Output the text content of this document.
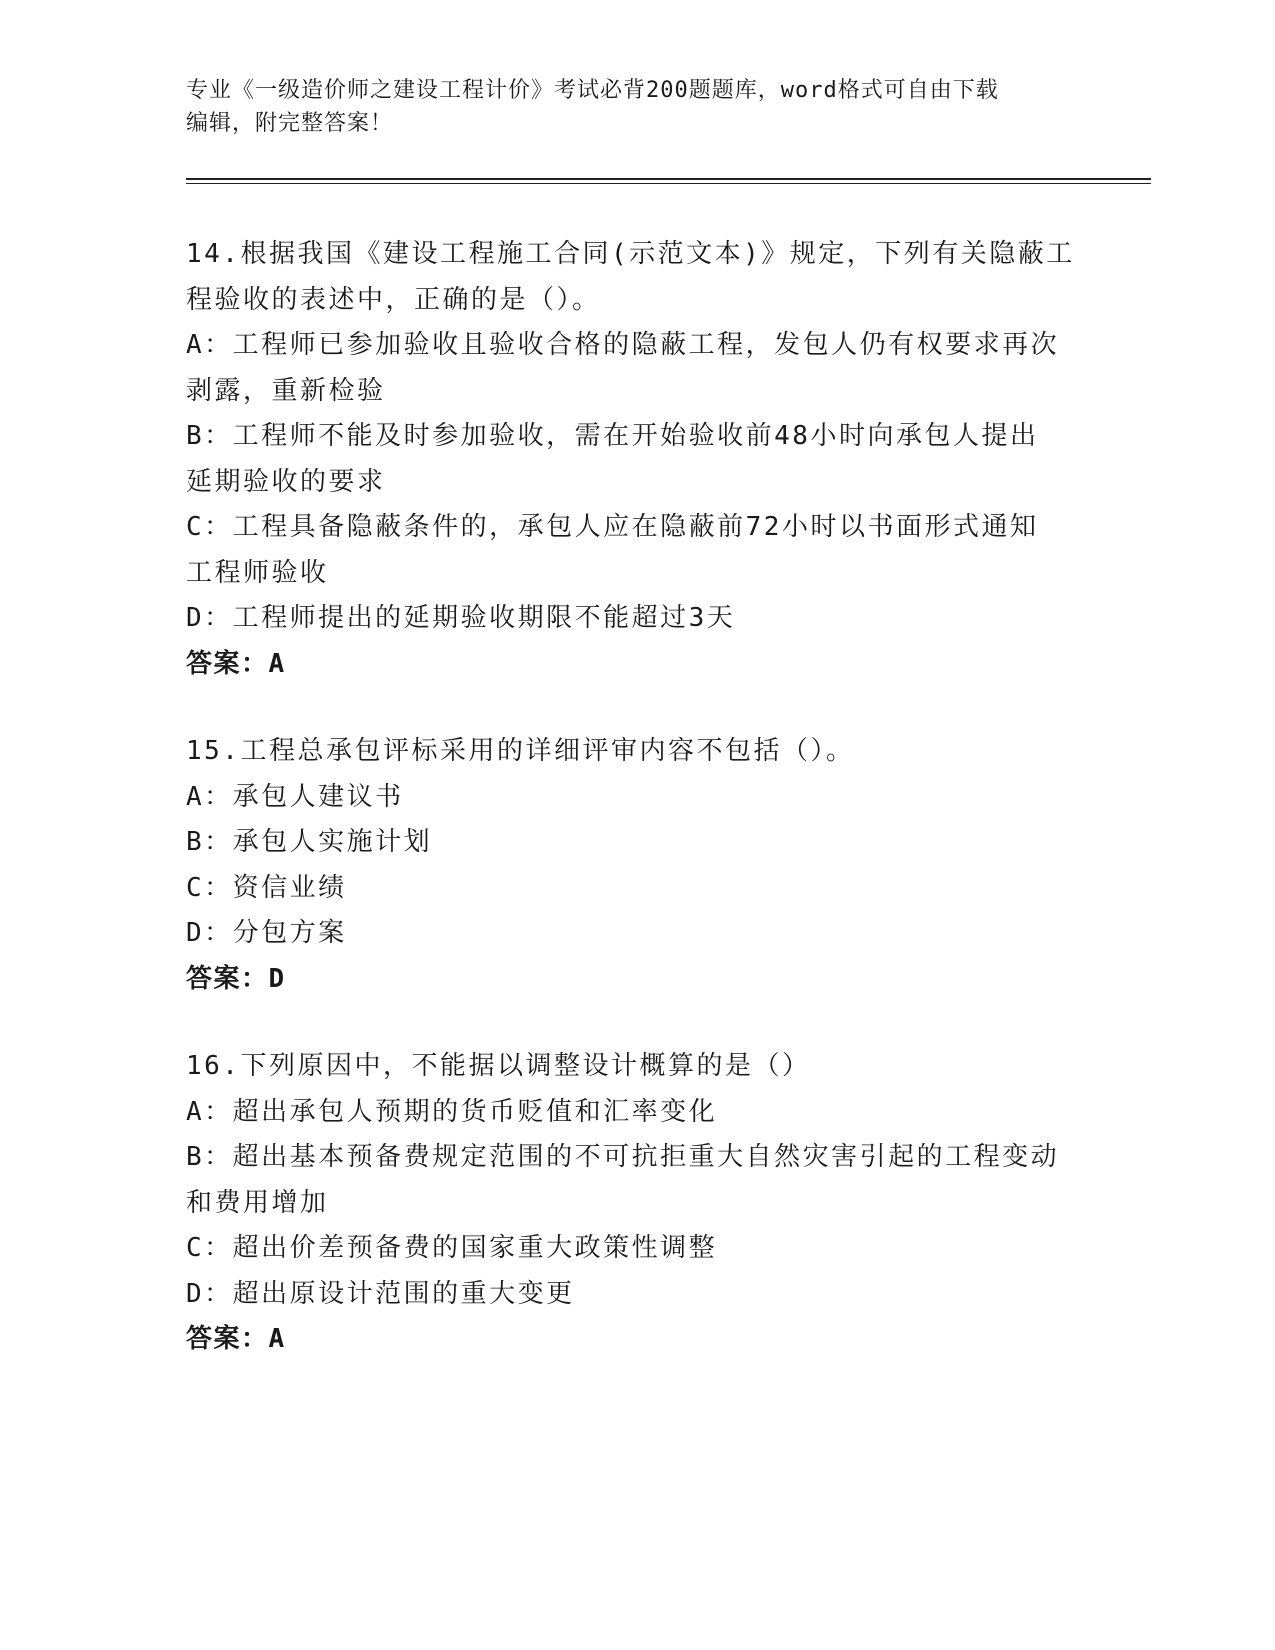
专业《一级造价师之建设工程计价》考试必背200题题库，word格式可自由下载
编辑，附完整答案！
14.根据我国《建设工程施工合同(示范文本)》规定，下列有关隐蔽工
程验收的表述中，正确的是（）。
A：工程师已参加验收且验收合格的隐蔽工程，发包人仍有权要求再次
剥露，重新检验
B：工程师不能及时参加验收，需在开始验收前48小时向承包人提出
延期验收的要求
C：工程具备隐蔽条件的，承包人应在隐蔽前72小时以书面形式通知
工程师验收
D：工程师提出的延期验收期限不能超过3天
答案：A
15.工程总承包评标采用的详细评审内容不包括（）。
A：承包人建议书
B：承包人实施计划
C：资信业绩
D：分包方案
答案：D
16.下列原因中，不能据以调整设计概算的是（）
A：超出承包人预期的货币贬值和汇率变化
B：超出基本预备费规定范围的不可抗拒重大自然灾害引起的工程变动
和费用增加
C：超出价差预备费的国家重大政策性调整
D：超出原设计范围的重大变更
答案：A
